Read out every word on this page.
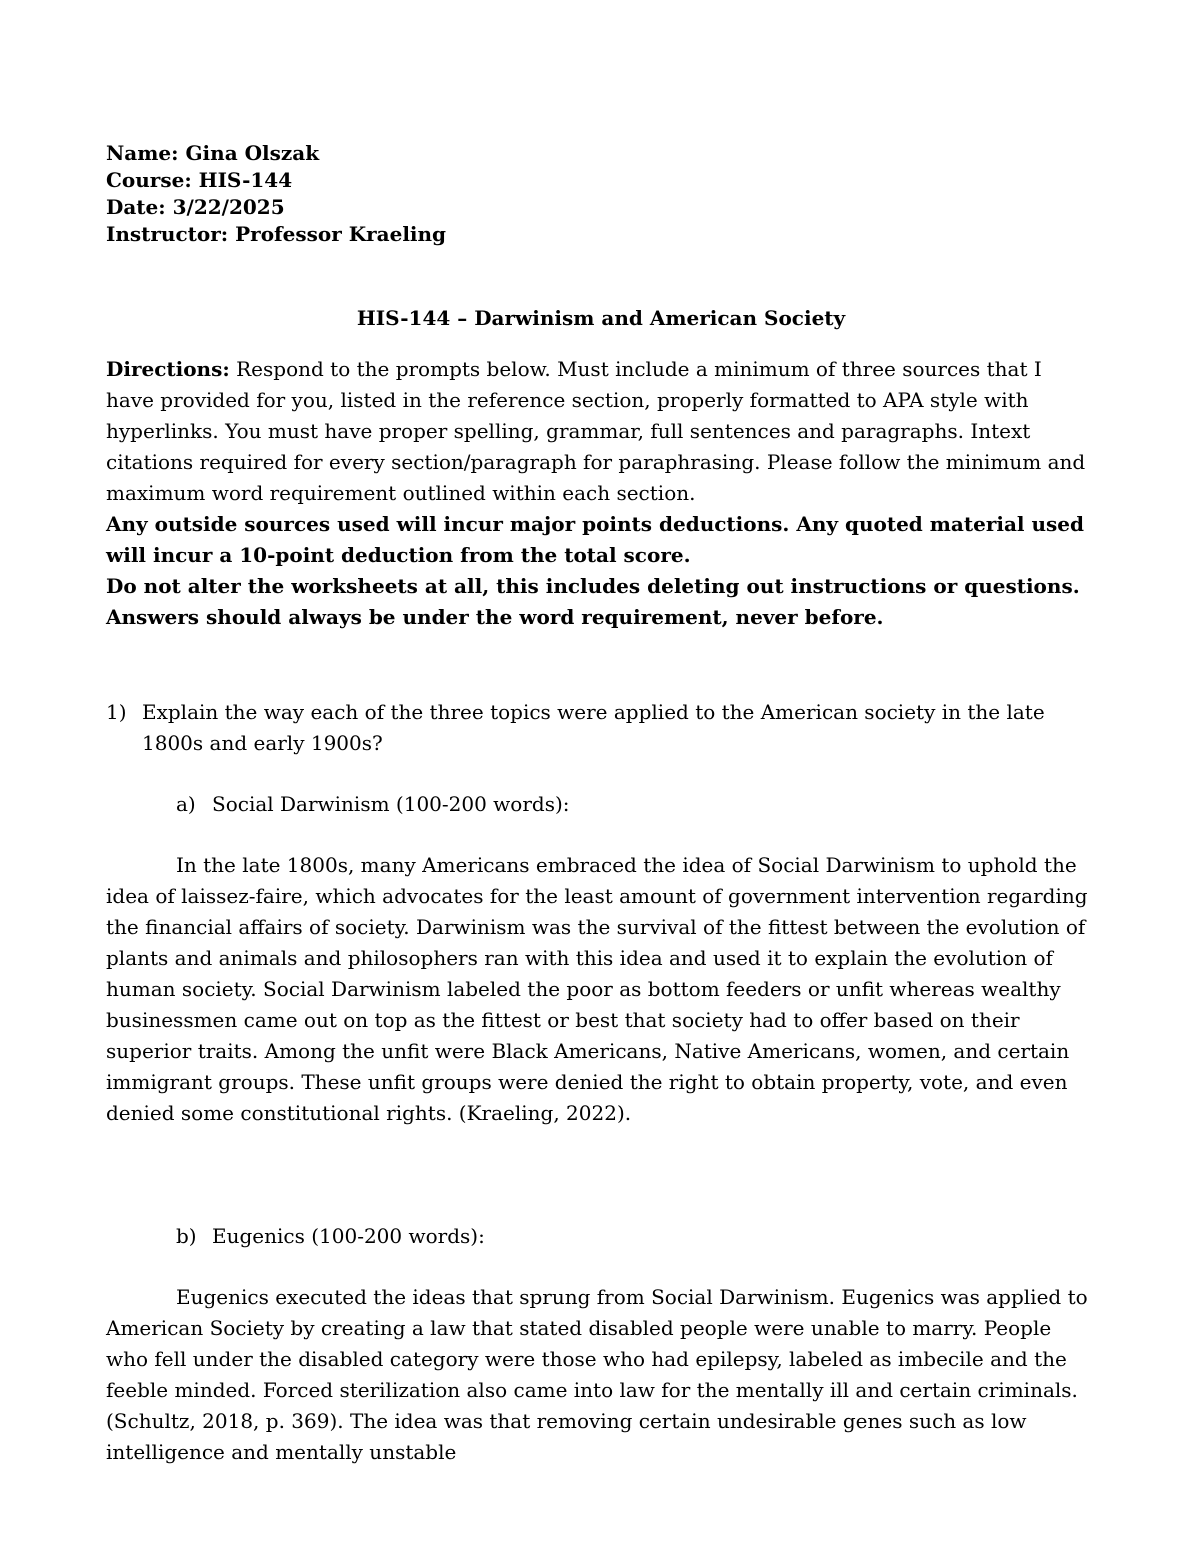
Name: Gina Olszak
Course: HIS-144
Date: 3/22/2025
Instructor: Professor Kraeling
HIS-144 – Darwinism and American Society

Directions: Respond to the prompts below. Must include a minimum of three sources that I have provided for you, listed in the reference section, properly formatted to APA style with hyperlinks. You must have proper spelling, grammar, full sentences and paragraphs. Intext citations required for every section/paragraph for paraphrasing. Please follow the minimum and maximum word requirement outlined within each section.

Any outside sources used will incur major points deductions. Any quoted material used will incur a 10-point deduction from the total score.

Do not alter the worksheets at all, this includes deleting out instructions or questions. Answers should always be under the word requirement, never before.

1) Explain the way each of the three topics were applied to the American society in the late 1800s and early 1900s?
a) Social Darwinism (100-200 words):

In the late 1800s, many Americans embraced the idea of Social Darwinism to uphold the idea of laissez-faire, which advocates for the least amount of government intervention regarding the financial affairs of society. Darwinism was the survival of the fittest between the evolution of plants and animals and philosophers ran with this idea and used it to explain the evolution of human society. Social Darwinism labeled the poor as bottom feeders or unfit whereas wealthy businessmen came out on top as the fittest or best that society had to offer based on their superior traits. Among the unfit were Black Americans, Native Americans, women, and certain immigrant groups. These unfit groups were denied the right to obtain property, vote, and even denied some constitutional rights. (Kraeling, 2022).

b) Eugenics (100-200 words):

Eugenics executed the ideas that sprung from Social Darwinism. Eugenics was applied to American Society by creating a law that stated disabled people were unable to marry. People who fell under the disabled category were those who had epilepsy, labeled as imbecile and the feeble minded. Forced sterilization also came into law for the mentally ill and certain criminals. (Schultz, 2018, p. 369). The idea was that removing certain undesirable genes such as low intelligence and mentally unstable
